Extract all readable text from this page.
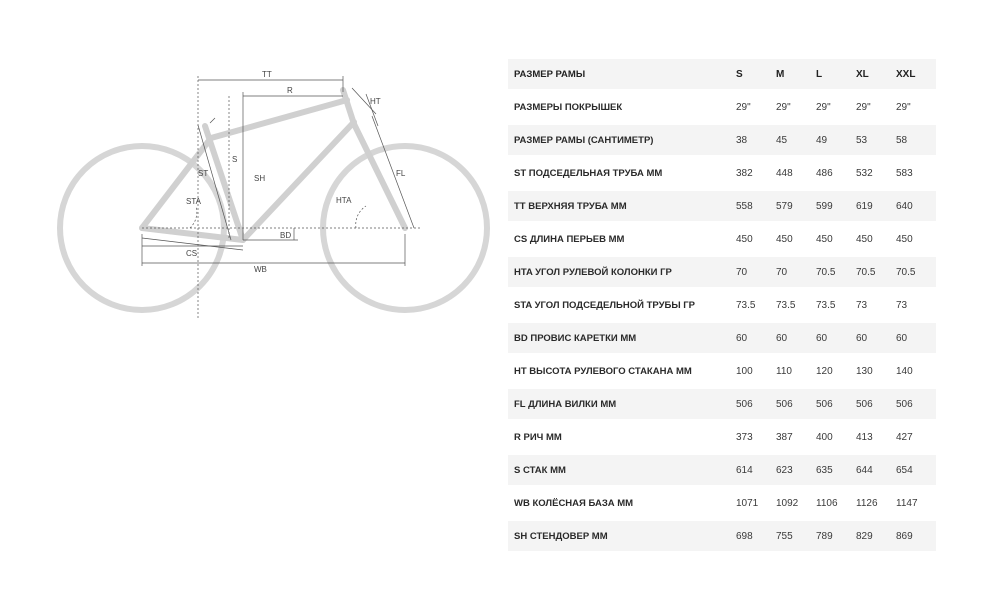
TT
R
HT
S
ST
SH
STA	HTA
FL
BD
CS
WB
РАЗМЕР РАМЫ	S	M	L	XL	XXL
РАЗМЕРЫ ПОКРЫШЕК	29"	29"	29"	29"	29"
РАЗМЕР РАМЫ (САНТИМЕТР)	38	45	49	53	58
ST ПОДСЕДЕЛЬНАЯ ТРУБА ММ	382	448	486	532	583
TT ВЕРХНЯЯ ТРУБА ММ	558	579	599	619	640
CS ДЛИНА ПЕРЬЕВ ММ	450	450	450	450	450
HTA УГОЛ РУЛЕВОЙ КОЛОНКИ ГР	70	70	70.5	70.5	70.5
STA УГОЛ ПОДСЕДЕЛЬНОЙ ТРУБЫ ГР	73.5	73.5	73.5	73	73
BD ПРОВИС КАРЕТКИ ММ	60	60	60	60	60
HT ВЫСОТА РУЛЕВОГО СТАКАНА ММ	100	110	120	130	140
FL ДЛИНА ВИЛКИ ММ	506	506	506	506	506
R РИЧ ММ	373	387	400	413	427
S СТАК ММ	614	623	635	644	654
WB КОЛЁСНАЯ БАЗА ММ	1071	1092	1106	1126	1147
SH СТЕНДОВЕР ММ	698	755	789	829	869
